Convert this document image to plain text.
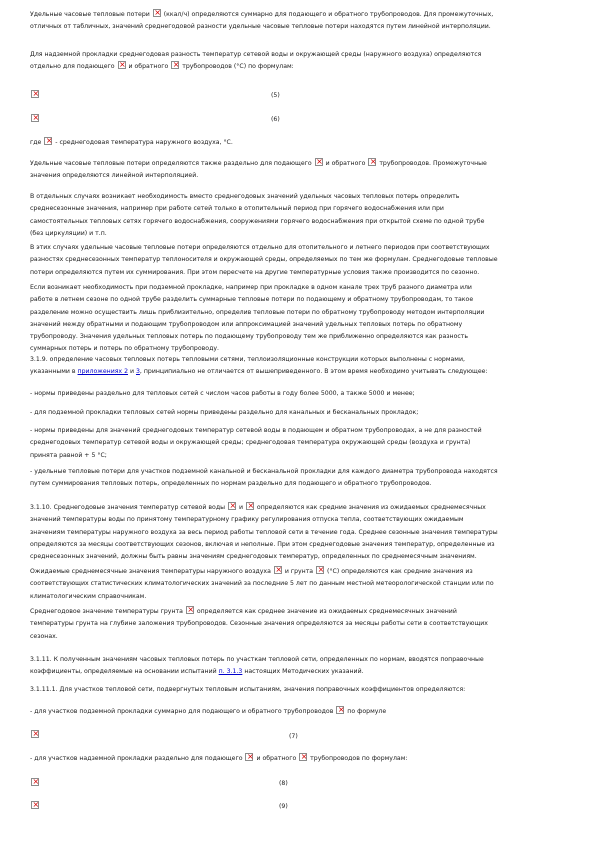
Удельные часовые тепловые потери × (ккал/ч) определяются суммарно для подающего и обратного трубопроводов. Для промежуточных,
отличных от табличных, значений среднегодовой разности удельные часовые тепловые потери находятся путем линейной интерполяции.

Для надземной прокладки среднегодовая разность температур сетевой воды и окружающей среды (наружного воздуха) определяются
отдельно для подающего × и обратного × трубопроводов (°C) по формулам:

×
(5)
×
(6)

где × - среднегодовая температура наружного воздуха, °C.

Удельные часовые тепловые потери определяются также раздельно для подающего × и обратного × трубопроводов. Промежуточные
значения определяются линейной интерполяцией.

В отдельных случаях возникает необходимость вместо среднегодовых значений удельных часовых тепловых потерь определить
среднесезонные значения, например при работе сетей только в отопительный период при горячего водоснабжения или при
самостоятельных тепловых сетях горячего водоснабжения, сооружениями горячего водоснабжения при открытой схеме по одной трубе
(без циркуляции) и т.п.

В этих случаях удельные часовые тепловые потери определяются отдельно для отопительного и летнего периодов при соответствующих
разностях среднесезонных температур теплоносителя и окружающей среды, определяемых по тем же формулам. Среднегодовые тепловые
потери определяются путем их суммирования. При этом пересчете на другие температурные условия также производится по сезонно.

Если возникает необходимость при подземной прокладке, например при прокладке в одном канале трех труб разного диаметра или
работе в летнем сезоне по одной трубе разделить суммарные тепловые потери по подающему и обратному трубопроводам, то такое
разделение можно осуществить лишь приблизительно, определив тепловые потери по обратному трубопроводу методом интерполяции
значений между обратными и подающим трубопроводом или аппроксимацией значений удельных тепловых потерь по обратному
трубопроводу. Значения удельных тепловых потерь по подающему трубопроводу тем же приближенно определяются как разность
суммарных потерь и потерь по обратному трубопроводу.

3.1.9. определение часовых тепловых потерь тепловыми сетями, теплоизоляционные конструкции которых выполнены с нормами,
указанными в приложениях 2 и 3, принципиально не отличается от вышеприведенного. В этом время необходимо учитывать следующее:

- нормы приведены раздельно для тепловых сетей с числом часов работы в году более 5000, а также 5000 и менее;

- для подземной прокладки тепловых сетей нормы приведены раздельно для канальных и бесканальных прокладок;

- нормы приведены для значений среднегодовых температур сетевой воды в подающем и обратном трубопроводах, а не для разностей
среднегодовых температур сетевой воды и окружающей среды; среднегодовая температура окружающей среды (воздуха и грунта)
принята равной + 5 °C;

- удельные тепловые потери для участков подземной канальной и бесканальной прокладки для каждого диаметра трубопровода находятся
путем суммирования тепловых потерь, определенных по нормам раздельно для подающего и обратного трубопроводов.

3.1.10. Среднегодовые значения температур сетевой воды × и × определяются как средние значения из ожидаемых среднемесячных
значений температуры воды по принятому температурному графику регулирования отпуска тепла, соответствующих ожидаемым
значениям температуры наружного воздуха за весь период работы тепловой сети в течение года. Среднее сезонные значения температуры
определяются за месяцы соответствующих сезонов, включая и неполные. При этом среднегодовые значения температур, определенные из
среднесезонных значений, должны быть равны значениям среднегодовых температур, определенных по среднемесячным значениям.

Ожидаемые среднемесячные значения температуры наружного воздуха × и грунта × (°C) определяются как средние значения из
соответствующих статистических климатологических значений за последние 5 лет по данным местной метеорологической станции или по
климатологическим справочникам.

Среднегодовое значение температуры грунта × определяется как среднее значение из ожидаемых среднемесячных значений
температуры грунта на глубине заложения трубопроводов. Сезонные значения определяются за месяцы работы сети в соответствующих
сезонах.

3.1.11. К полученным значениям часовых тепловых потерь по участкам тепловой сети, определенных по нормам, вводятся поправочные
коэффициенты, определяемые на основании испытаний п. 3.1.3 настоящих Методических указаний.

3.1.11.1. Для участков тепловой сети, подвергнутых тепловым испытаниям, значения поправочных коэффициентов определяются:

- для участков подземной прокладки суммарно для подающего и обратного трубопроводов × по формуле

×
(7)

- для участков надземной прокладки раздельно для подающего × и обратного × трубопроводов по формулам:

×
(8)
×
(9)
